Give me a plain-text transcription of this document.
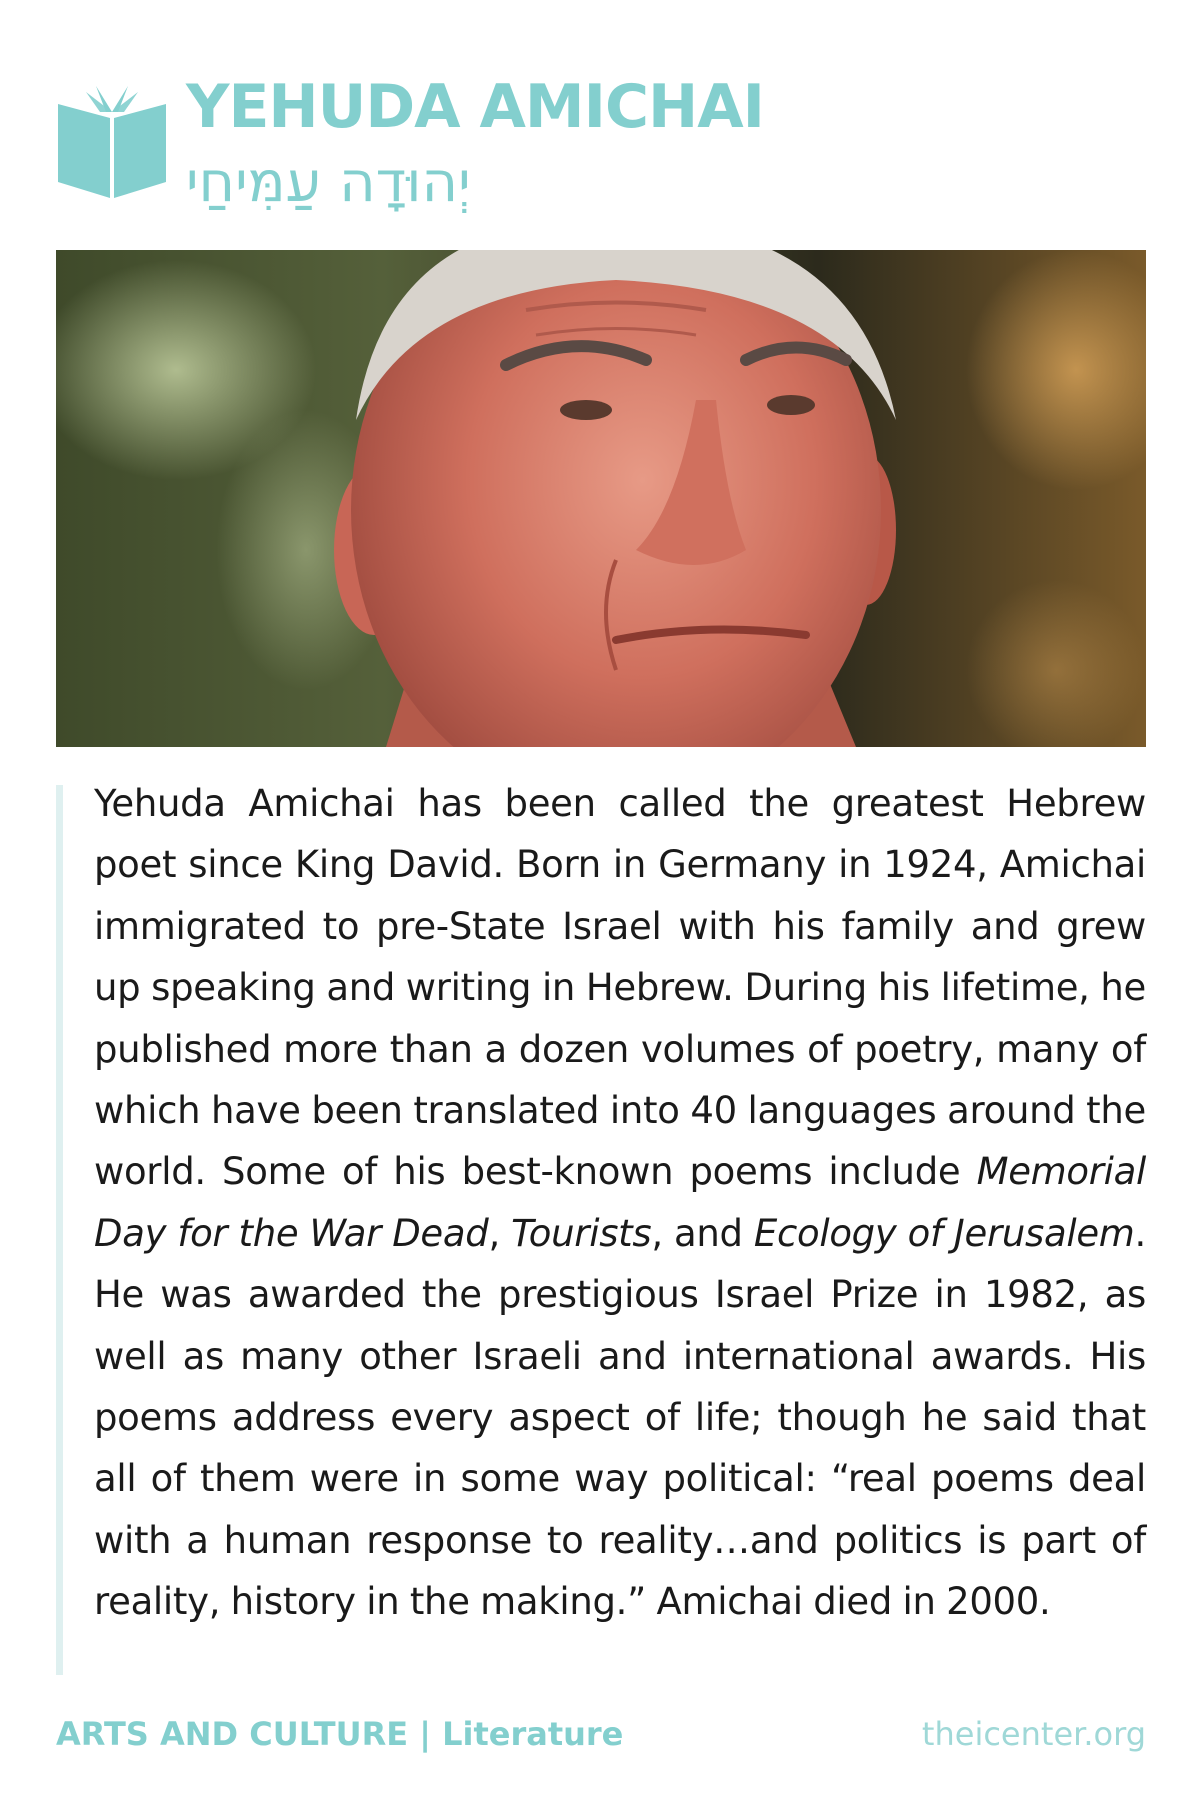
YEHUDA AMICHAI
יְהוּדָה עַמִּיחַי

Yehuda Amichai has been called the greatest Hebrew poet since King David. Born in Germany in 1924, Amichai immigrated to pre-State Israel with his family and grew up speaking and writing in Hebrew. During his lifetime, he published more than a dozen volumes of poetry, many of which have been translated into 40 languages around the world. Some of his best-known poems include Memorial Day for the War Dead, Tourists, and Ecology of Jerusalem. He was awarded the prestigious Israel Prize in 1982, as well as many other Israeli and international awards. His poems address every aspect of life; though he said that all of them were in some way political: “real poems deal with a human response to reality…and politics is part of reality, history in the making.” Amichai died in 2000.

ARTS AND CULTURE | Literature	theicenter.org
